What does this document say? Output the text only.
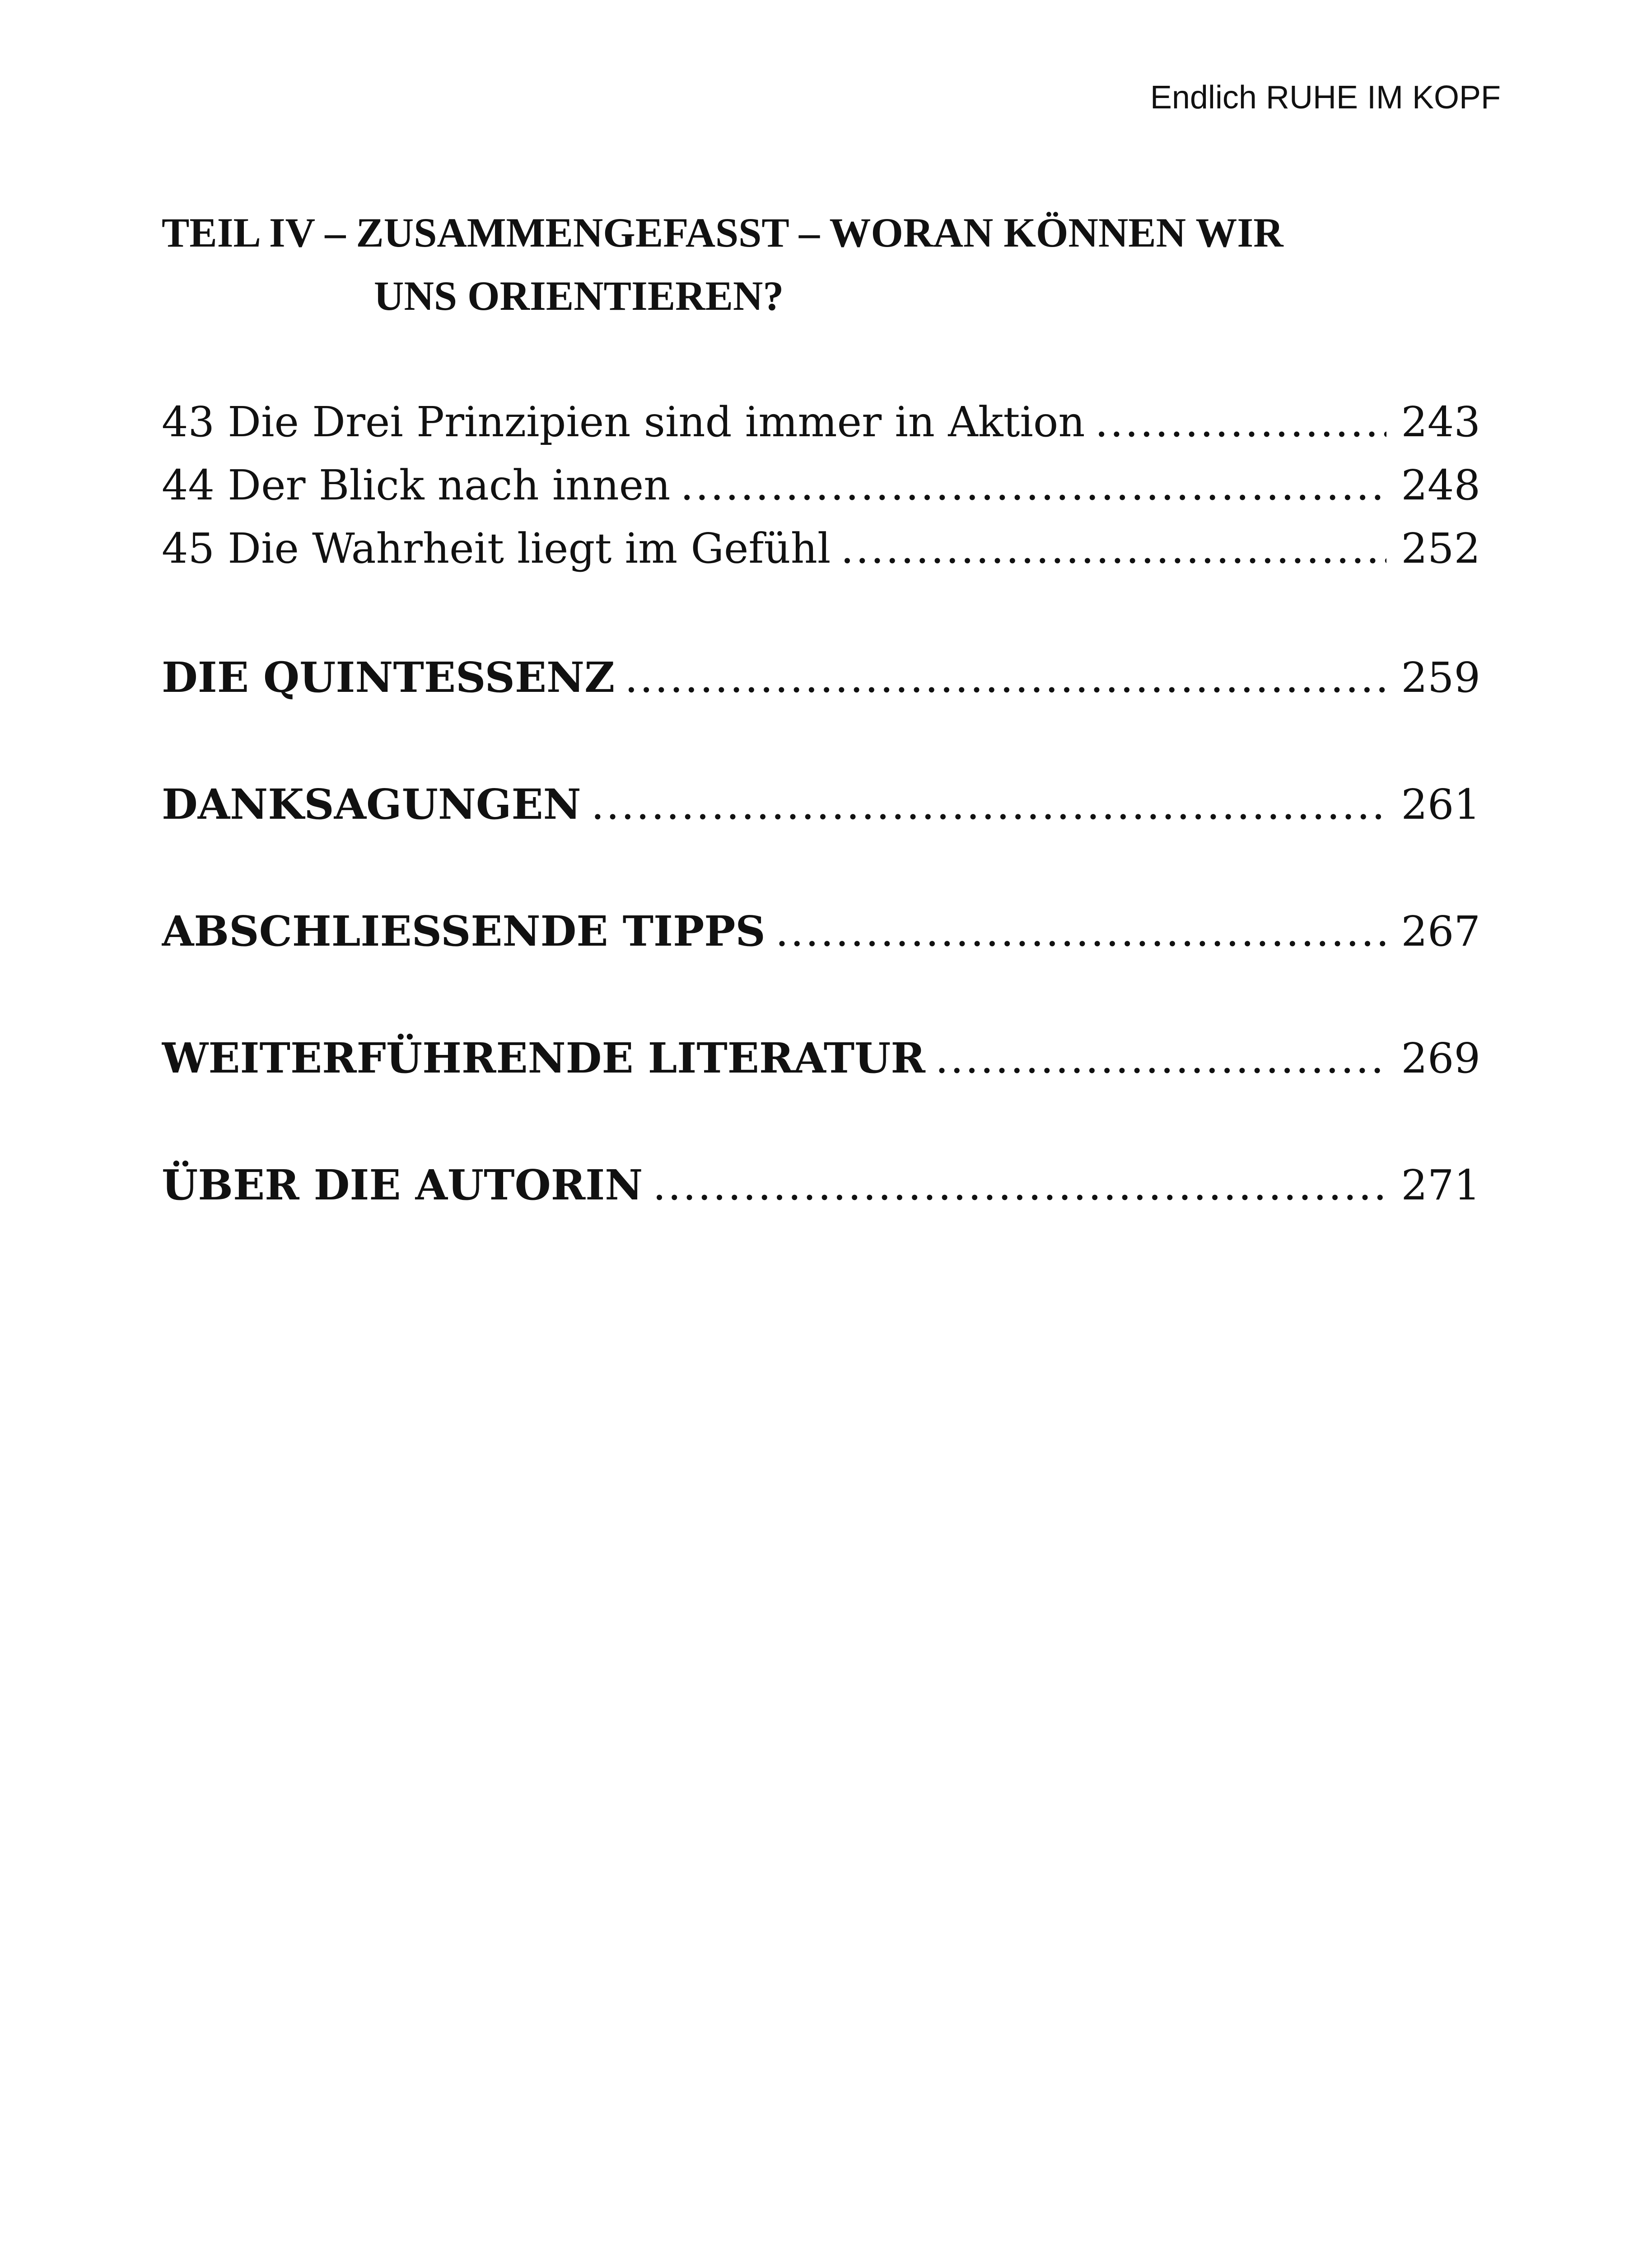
Endlich RUHE IM KOPF
TEIL IV – ZUSAMMENGEFASST – WORAN KÖNNEN WIR
UNS ORIENTIEREN?
43 Die Drei Prinzipien sind immer in Aktion .....	243
44 Der Blick nach innen .....	248
45 Die Wahrheit liegt im Gefühl .....	252
DIE QUINTESSENZ .....	259
DANKSAGUNGEN .....	261
ABSCHLIESSENDE TIPPS .....	267
WEITERFÜHRENDE LITERATUR .....	269
ÜBER DIE AUTORIN .....	271
